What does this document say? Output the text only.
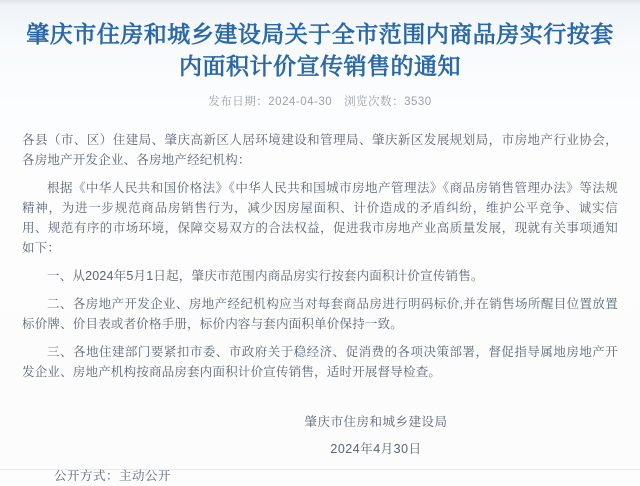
肇庆市住房和城乡建设局关于全市范围内商品房实行按套
内面积计价宣传销售的通知
发布日期：2024-04-30 浏览次数：3530

各县（市、区）住建局、肇庆高新区人居环境建设和管理局、肇庆新区发展规划局，市房地产行业协会，各房地产开发企业、各房地产经纪机构：

根据《中华人民共和国价格法》《中华人民共和国城市房地产管理法》《商品房销售管理办法》等法规精神，为进一步规范商品房销售行为，减少因房屋面积、计价造成的矛盾纠纷，维护公平竞争、诚实信用、规范有序的市场环境，保障交易双方的合法权益，促进我市房地产业高质量发展，现就有关事项通知如下：

一、从2024年5月1日起，肇庆市范围内商品房实行按套内面积计价宣传销售。

二、各房地产开发企业、房地产经纪机构应当对每套商品房进行明码标价,并在销售场所醒目位置放置标价牌、价目表或者价格手册，标价内容与套内面积单价保持一致。

三、各地住建部门要紧扣市委、市政府关于稳经济、促消费的各项决策部署，督促指导属地房地产开发企业、房地产机构按商品房套内面积计价宣传销售，适时开展督导检查。

肇庆市住房和城乡建设局

2024年4月30日

公开方式：主动公开
